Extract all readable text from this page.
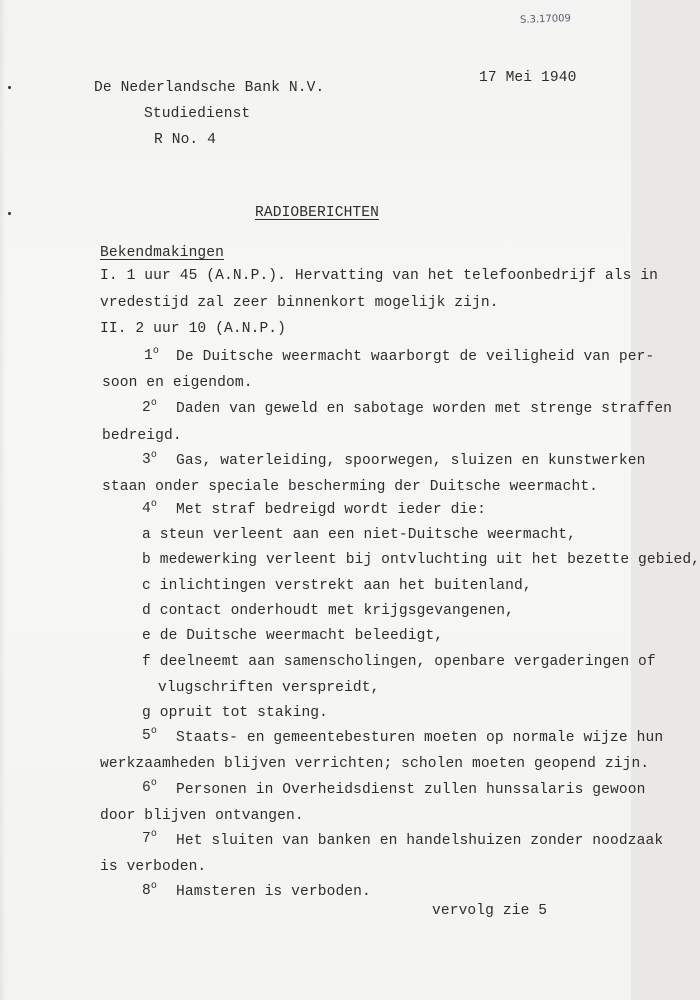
S.3.17009
De Nederlandsche Bank N.V.
17 Mei 1940
Studiedienst
R No. 4
RADIOBERICHTEN
Bekendmakingen
I. 1 uur 45 (A.N.P.). Hervatting van het telefoonbedrijf als in
vredestijd zal zeer binnenkort mogelijk zijn.
II. 2 uur 10 (A.N.P.)
1$^o$ De Duitsche weermacht waarborgt de veiligheid van per-
soon en eigendom.
2$^o$ Daden van geweld en sabotage worden met strenge straffen
bedreigd.
3$^o$ Gas, waterleiding, spoorwegen, sluizen en kunstwerken
staan onder speciale bescherming der Duitsche weermacht.
4$^o$ Met straf bedreigd wordt ieder die:
a steun verleent aan een niet-Duitsche weermacht,
b medewerking verleent bij ontvluchting uit het bezette gebied,
c inlichtingen verstrekt aan het buitenland,
d contact onderhoudt met krijgsgevangenen,
e de Duitsche weermacht beleedigt,
f deelneemt aan samenscholingen, openbare vergaderingen of
vlugschriften verspreidt,
g opruit tot staking.
5$^o$ Staats- en gemeentebesturen moeten op normale wijze hun
werkzaamheden blijven verrichten; scholen moeten geopend zijn.
6$^o$ Personen in Overheidsdienst zullen hunssalaris gewoon
door blijven ontvangen.
7$^o$ Het sluiten van banken en handelshuizen zonder noodzaak
is verboden.
8$^o$ Hamsteren is verboden.
vervolg zie 5
